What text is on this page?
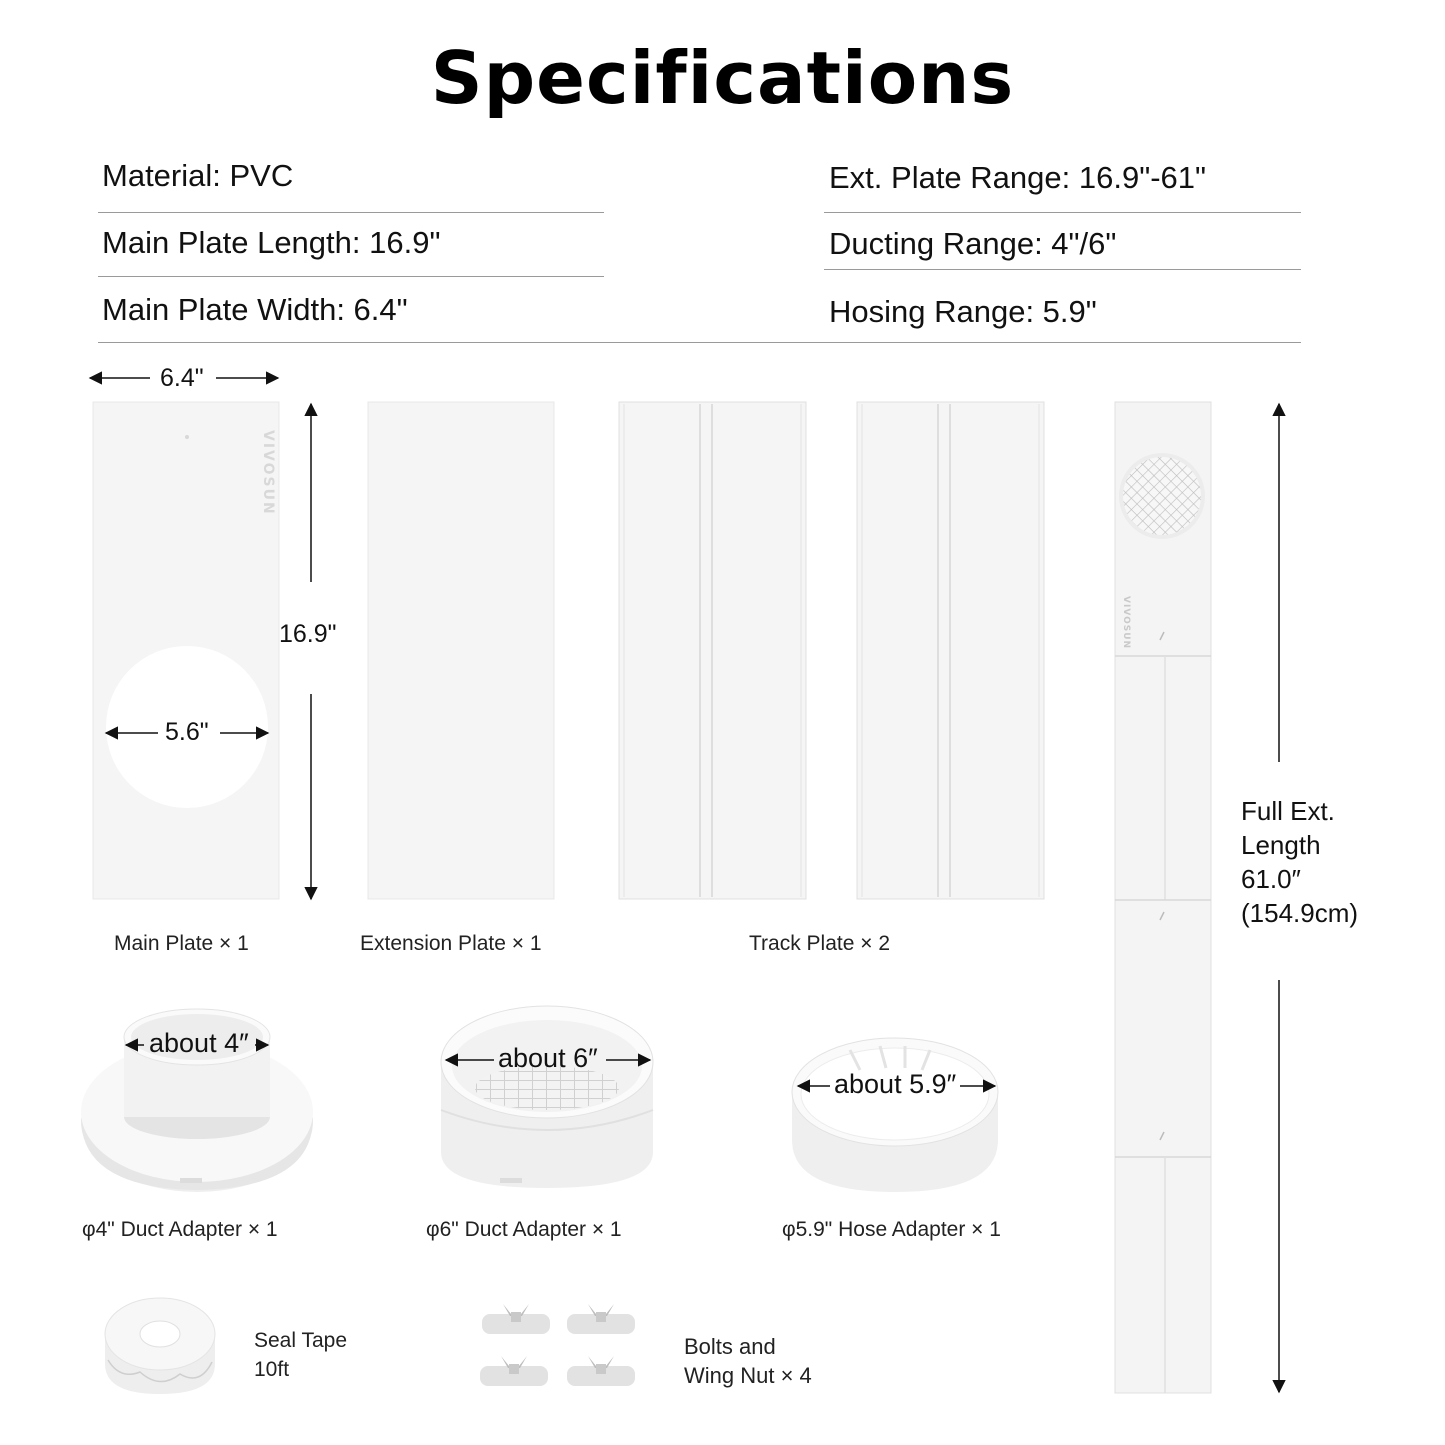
Specifications
Material: PVC
Main Plate Length: 16.9"
Main Plate Width: 6.4"
Ext. Plate Range: 16.9"-61"
Ducting Range: 4"/6"
Hosing Range: 5.9"
VIVOSUN
VIVOSUN
6.4"
16.9"
5.6"
about 4″	about 6″
about 5.9″
Full Ext.
Length
61.0″
(154.9cm)
Main Plate × 1	Extension Plate × 1	Track Plate × 2
φ4" Duct Adapter × 1	φ6" Duct Adapter × 1	φ5.9" Hose Adapter × 1
Seal Tape
10ft
Bolts and
Wing Nut × 4
